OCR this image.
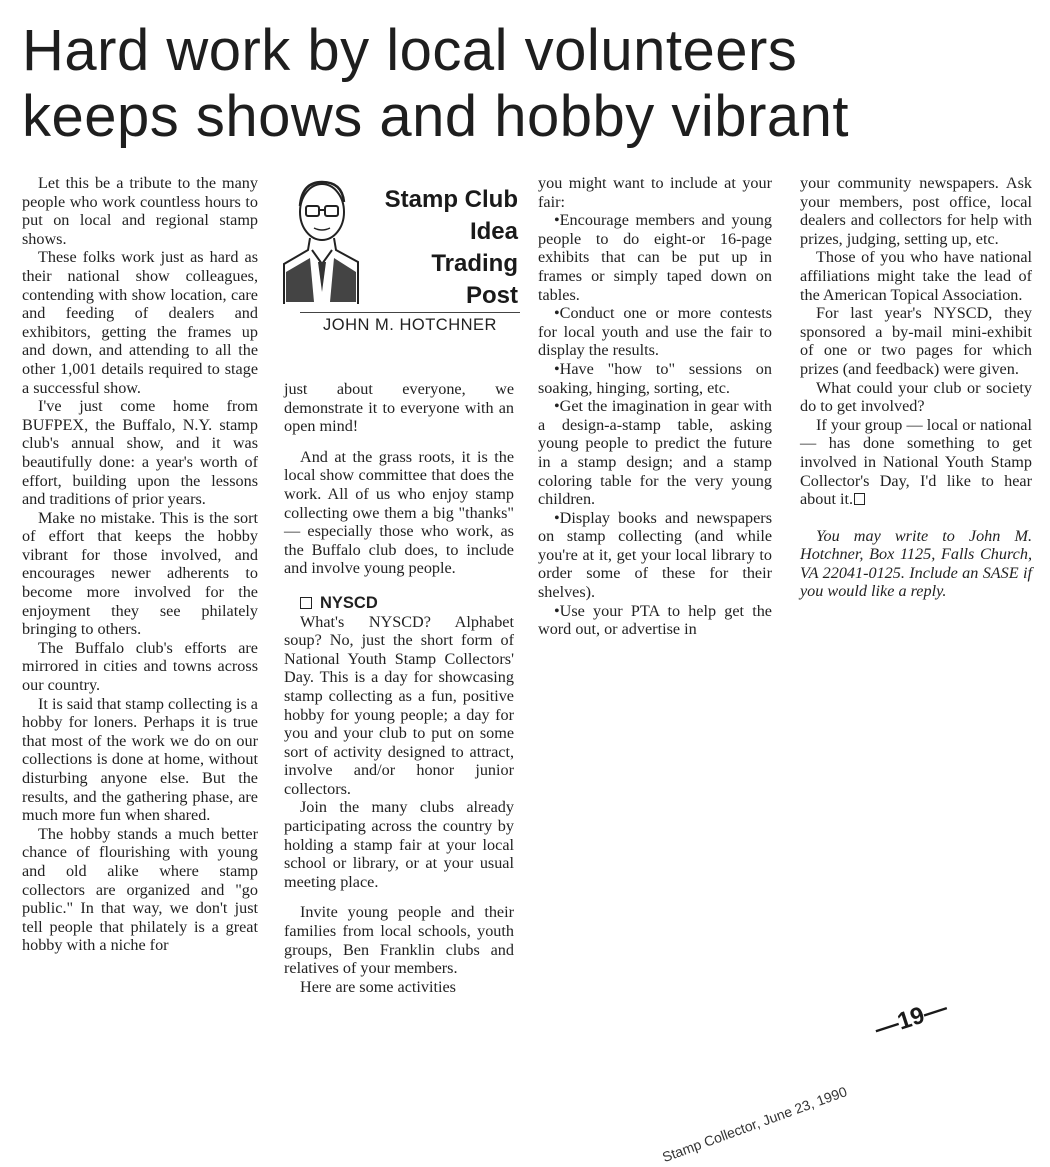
Hard work by local volunteers
keeps shows and hobby vibrant

Let this be a tribute to the many people who work countless hours to put on local and regional stamp shows.

These folks work just as hard as their national show colleagues, contending with show location, care and feeding of dealers and exhibitors, getting the frames up and down, and attending to all the other 1,001 details required to stage a successful show.

I've just come home from BUFPEX, the Buffalo, N.Y. stamp club's annual show, and it was beautifully done: a year's worth of effort, building upon the lessons and traditions of prior years.

Make no mistake. This is the sort of effort that keeps the hobby vibrant for those involved, and encourages newer adherents to become more involved for the enjoyment they see philately bringing to others.

The Buffalo club's efforts are mirrored in cities and towns across our country.

It is said that stamp collecting is a hobby for loners. Perhaps it is true that most of the work we do on our collections is done at home, without disturbing anyone else. But the results, and the gathering phase, are much more fun when shared.

The hobby stands a much better chance of flourishing with young and old alike where stamp collectors are organized and "go public." In that way, we don't just tell people that philately is a great hobby with a niche for

Stamp Club
Idea
Trading
Post
JOHN M. HOTCHNER

just about everyone, we demonstrate it to everyone with an open mind!

And at the grass roots, it is the local show committee that does the work. All of us who enjoy stamp collecting owe them a big "thanks" — especially those who work, as the Buffalo club does, to include and involve young people.

NYSCD

What's NYSCD? Alphabet soup? No, just the short form of National Youth Stamp Collectors' Day. This is a day for showcasing stamp collecting as a fun, positive hobby for young people; a day for you and your club to put on some sort of activity designed to attract, involve and/or honor junior collectors.

Join the many clubs already participating across the country by holding a stamp fair at your local school or library, or at your usual meeting place.

Invite young people and their families from local schools, youth groups, Ben Franklin clubs and relatives of your members.

Here are some activities

you might want to include at your fair:

•Encourage members and young people to do eight-or 16-page exhibits that can be put up in frames or simply taped down on tables.

•Conduct one or more contests for local youth and use the fair to display the results.

•Have "how to" sessions on soaking, hinging, sorting, etc.

•Get the imagination in gear with a design-a-stamp table, asking young people to predict the future in a stamp design; and a stamp coloring table for the very young children.

•Display books and newspapers on stamp collecting (and while you're at it, get your local library to order some of these for their shelves).

•Use your PTA to help get the word out, or advertise in

your community newspapers. Ask your members, post office, local dealers and collectors for help with prizes, judging, setting up, etc.

Those of you who have national affiliations might take the lead of the American Topical Association.

For last year's NYSCD, they sponsored a by-mail mini-exhibit of one or two pages for which prizes (and feedback) were given.

What could your club or society do to get involved?

If your group — local or national — has done something to get involved in National Youth Stamp Collector's Day, I'd like to hear about it.

You may write to John M. Hotchner, Box 1125, Falls Church, VA 22041-0125. Include an SASE if you would like a reply.

—19—
Stamp Collector, June 23, 1990
